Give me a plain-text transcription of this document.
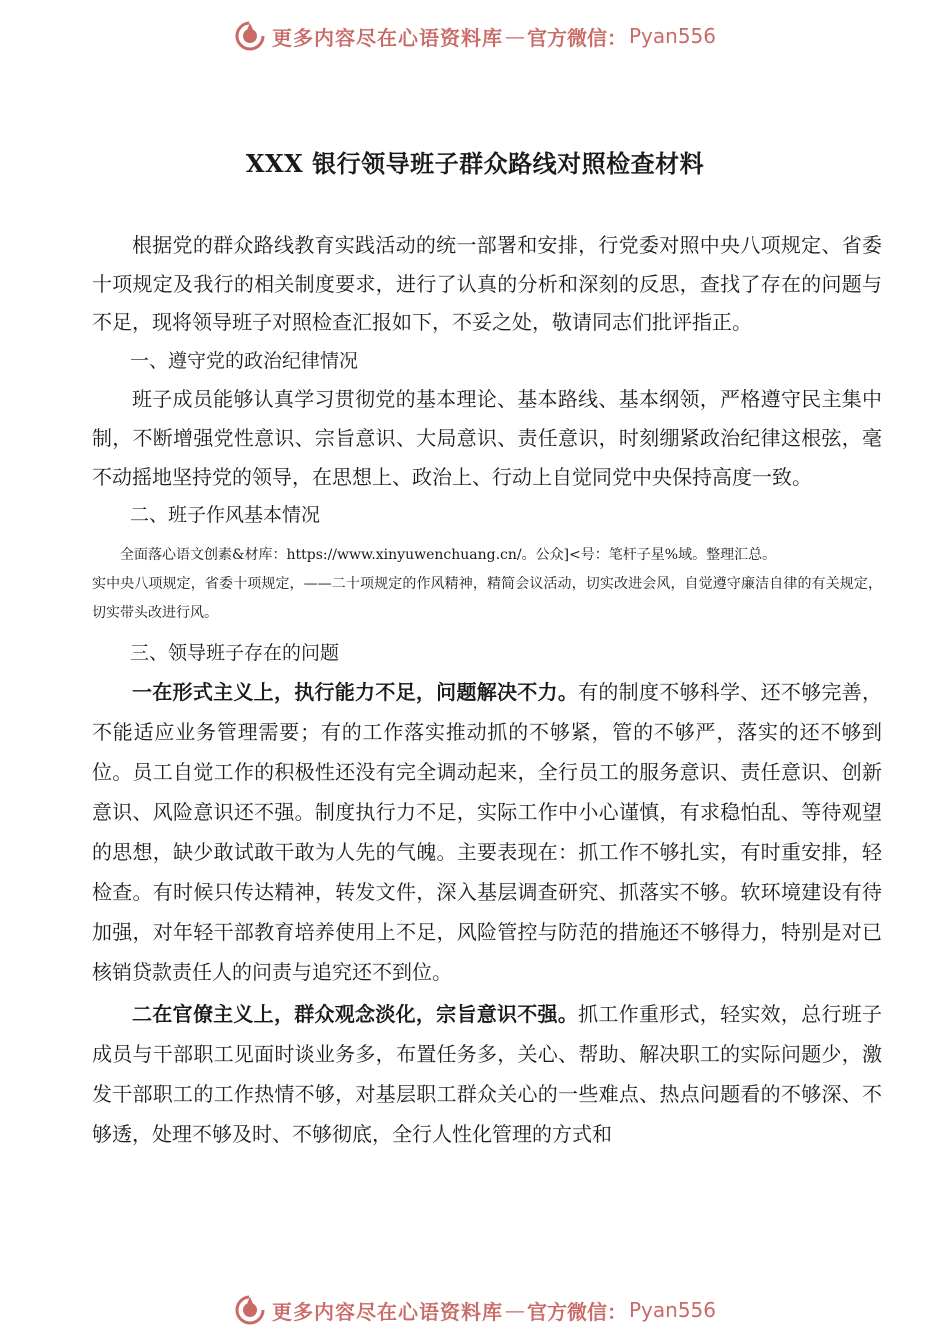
更多内容尽在心语资料库 — 官方微信： Pyan556
XXX 银行领导班子群众路线对照检查材料

根据党的群众路线教育实践活动的统一部署和安排，行党委对照中央八项规定、省委十项规定及我行的相关制度要求，进行了认真的分析和深刻的反思，查找了存在的问题与不足，现将领导班子对照检查汇报如下，不妥之处，敬请同志们批评指正。

一、遵守党的政治纪律情况

班子成员能够认真学习贯彻党的基本理论、基本路线、基本纲领，严格遵守民主集中制，不断增强党性意识、宗旨意识、大局意识、责任意识，时刻绷紧政治纪律这根弦，毫不动摇地坚持党的领导，在思想上、政治上、行动上自觉同党中央保持高度一致。

二、班子作风基本情况

全面落心语文创素&材库：https://www.xinyuwenchuang.cn/。公众]<号：笔杆子星%域。整理汇总。

实中央八项规定，省委十项规定，——二十项规定的作风精神，精简会议活动，切实改进会风，自觉遵守廉洁自律的有关规定，切实带头改进行风。

三、领导班子存在的问题

一在形式主义上，执行能力不足，问题解决不力。有的制度不够科学、还不够完善，不能适应业务管理需要；有的工作落实推动抓的不够紧，管的不够严，落实的还不够到位。员工自觉工作的积极性还没有完全调动起来，全行员工的服务意识、责任意识、创新意识、风险意识还不强。制度执行力不足，实际工作中小心谨慎，有求稳怕乱、等待观望的思想，缺少敢试敢干敢为人先的气魄。主要表现在：抓工作不够扎实，有时重安排，轻检查。有时候只传达精神，转发文件，深入基层调查研究、抓落实不够。软环境建设有待加强，对年轻干部教育培养使用上不足，风险管控与防范的措施还不够得力，特别是对已核销贷款责任人的问责与追究还不到位。

二在官僚主义上，群众观念淡化，宗旨意识不强。抓工作重形式，轻实效，总行班子成员与干部职工见面时谈业务多，布置任务多，关心、帮助、解决职工的实际问题少，激发干部职工的工作热情不够，对基层职工群众关心的一些难点、热点问题看的不够深、不够透，处理不够及时、不够彻底，全行人性化管理的方式和

更多内容尽在心语资料库 — 官方微信： Pyan556
